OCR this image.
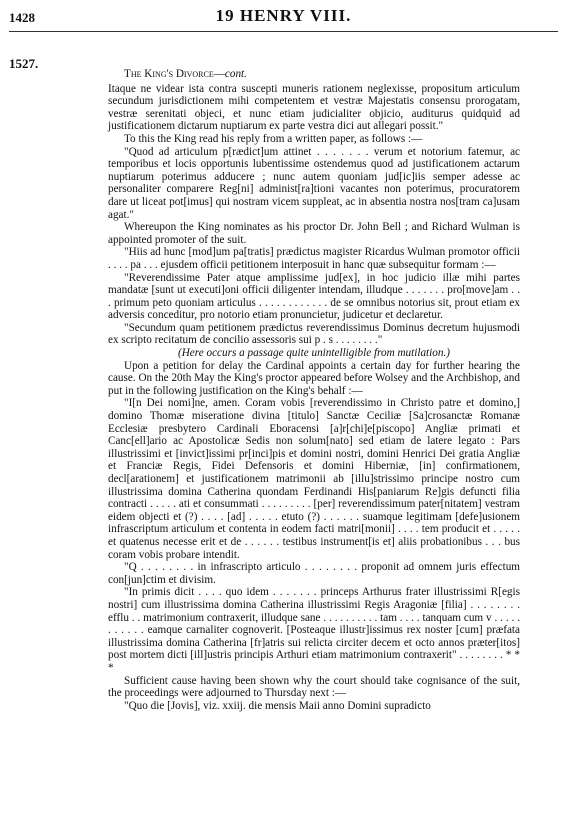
1428	19 HENRY VIII.
1527.

The King's Divorce—cont.

Itaque ne videar ista contra suscepti muneris rationem neglexisse, propositum articulum secundum jurisdictionem mihi competentem et vestræ Majestatis consensu prorogatam, vestræ serenitati objeci, et nunc etiam judicialiter objicio, auditurus quidquid ad justificationem dictarum nuptiarum ex parte vestra dici aut allegari possit."

To this the King read his reply from a written paper, as follows :—

"Quod ad articulum p[rædict]um attinet . . . . . . . verum et notorium fatemur, ac temporibus et locis opportunis lubentissime ostendemus quod ad justificationem actarum nuptiarum poterimus adducere ; nunc autem quoniam jud[ic]iis semper adesse ac personaliter comparere Reg[ni] administ[ra]tioni vacantes non poterimus, procuratorem dare ut liceat pot[imus] qui nostram vicem suppleat, ac in absentia nostra nos[tram ca]usam agat."

Whereupon the King nominates as his proctor Dr. John Bell ; and Richard Wulman is appointed promoter of the suit.

"Hiis ad hunc [mod]um pa[tratis] prædictus magister Ricardus Wulman promotor officii . . . . pa . . . ejusdem officii petitionem interposuit in hanc quæ subsequitur formam :—

"Reverendissime Pater atque amplissime jud[ex], in hoc judicio illæ mihi partes mandatæ [sunt ut executi]oni officii diligenter intendam, illudque . . . . . . . pro[move]am . . . primum peto quoniam articulus . . . . . . . . . . . . de se omnibus notorius sit, prout etiam ex adversis conceditur, pro notorio etiam pronuncietur, judicetur et declaretur.

"Secundum quam petitionem prædictus reverendissimus Dominus decretum hujusmodi ex scripto recitatum de concilio assessoris sui p . s . . . . . . . ."

(Here occurs a passage quite unintelligible from mutilation.)

Upon a petition for delay the Cardinal appoints a certain day for further hearing the cause. On the 20th May the King's proctor appeared before Wolsey and the Archbishop, and put in the following justification on the King's behalf :—

"I[n Dei nomi]ne, amen. Coram vobis [reverendissimo in Christo patre et domino,] domino Thomæ miseratione divina [titulo] Sanctæ Ceciliæ [Sa]crosanctæ Romanæ Ecclesiæ presbytero Cardinali Eboracensi [a]r[chi]e[piscopo] Angliæ primati et Canc[ell]ario ac Apostolicæ Sedis non solum[nato] sed etiam de latere legato : Pars illustrissimi et [invict]issimi pr[inci]pis et domini nostri, domini Henrici Dei gratia Angliæ et Franciæ Regis, Fidei Defensoris et domini Hiberniæ, [in] confirmationem, decl[arationem] et justificationem matrimonii ab [illu]strissimo principe nostro cum illustrissima domina Catherina quondam Ferdinandi His[paniarum Re]gis defuncti filia contracti . . . . . ati et consummati . . . . . . . . . [per] reverendissimum pater[nitatem] vestram eidem objecti et (?) . . . . [ad] . . . . . etuto (?) . . . . . . suamque legitimam [defe]usionem infrascriptum articulum et contenta in eodem facti matri[monii] . . . . tem producit et . . . . . et quatenus necesse erit et de . . . . . . testibus instrument[is et] aliis probationibus . . . bus coram vobis probare intendit.

"Q . . . . . . . . in infrascripto articulo . . . . . . . . proponit ad omnem juris effectum con[jun]ctim et divisim.

"In primis dicit . . . . quo idem . . . . . . . princeps Arthurus frater illustrissimi R[egis nostri] cum illustrissima domina Catherina illustrissimi Regis Aragoniæ [filia] . . . . . . . . efflu . . matrimonium contraxerit, illudque sane . . . . . . . . . . tam . . . . tanquam cum v . . . . . . . . . . . eamque carnaliter cognoverit. [Posteaque illustr]issimus rex noster [cum] præfata illustrissima domina Catherina [fr]atris sui relicta circiter decem et octo annos præter[itos] post mortem dicti [ill]ustris principis Arthuri etiam matrimonium contraxerit" . . . . . . . . * * *

Sufficient cause having been shown why the court should take cognisance of the suit, the proceedings were adjourned to Thursday next :—

"Quo die [Jovis], viz. xxiij. die mensis Maii anno Domini supradicto
